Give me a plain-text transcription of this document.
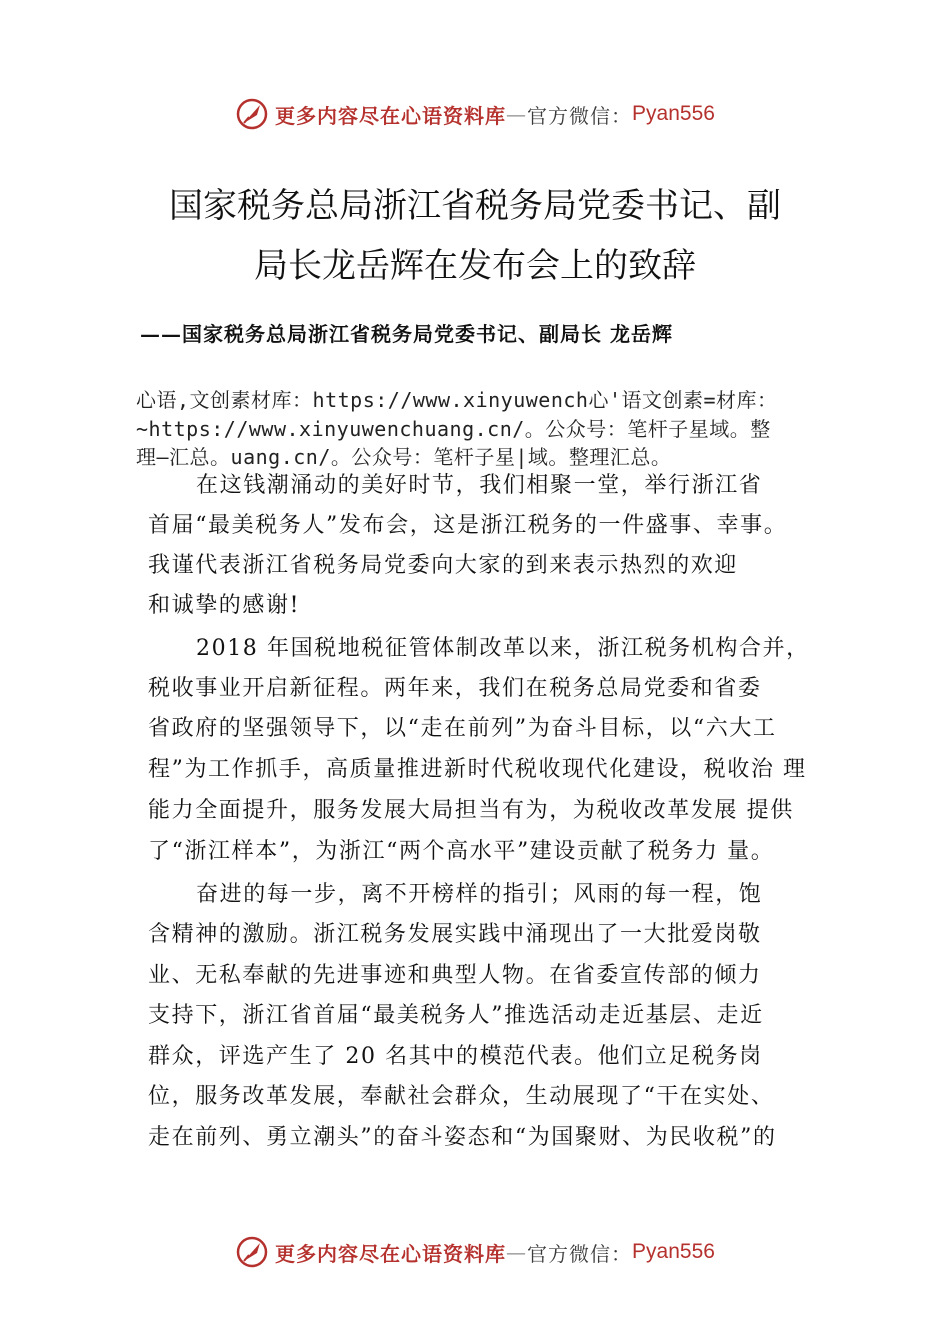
更多内容尽在心语资料库 — 官方微信： Pyan556
国家税务总局浙江省税务局党委书记、副
局长龙岳辉在发布会上的致辞
——国家税务总局浙江省税务局党委书记、副局长 龙岳辉
心语,文创素材库：https://www.xinyuwench心'语文创素=材库：
~https://www.xinyuwenchuang.cn/。公众号：笔杆子星域。整
理—汇总。uang.cn/。公众号：笔杆子星|域。整理汇总。
在这钱潮涌动的美好时节，我们相聚一堂，举行浙江省
首届“最美税务人”发布会，这是浙江税务的一件盛事、幸事。
我谨代表浙江省税务局党委向大家的到来表示热烈的欢迎
和诚挚的感谢!
2018 年国税地税征管体制改革以来，浙江税务机构合并，
税收事业开启新征程。两年来，我们在税务总局党委和省委
省政府的坚强领导下，以“走在前列”为奋斗目标，以“六大工
程”为工作抓手，高质量推进新时代税收现代化建设，税收治 理
能力全面提升，服务发展大局担当有为，为税收改革发展 提供
了“浙江样本”，为浙江“两个高水平”建设贡献了税务力 量。
奋进的每一步，离不开榜样的指引；风雨的每一程，饱
含精神的激励。浙江税务发展实践中涌现出了一大批爱岗敬
业、无私奉献的先进事迹和典型人物。在省委宣传部的倾力
支持下，浙江省首届“最美税务人”推选活动走近基层、走近
群众，评选产生了 20 名其中的模范代表。他们立足税务岗
位，服务改革发展，奉献社会群众，生动展现了“干在实处、
走在前列、勇立潮头”的奋斗姿态和“为国聚财、为民收税”的
更多内容尽在心语资料库 — 官方微信： Pyan556
